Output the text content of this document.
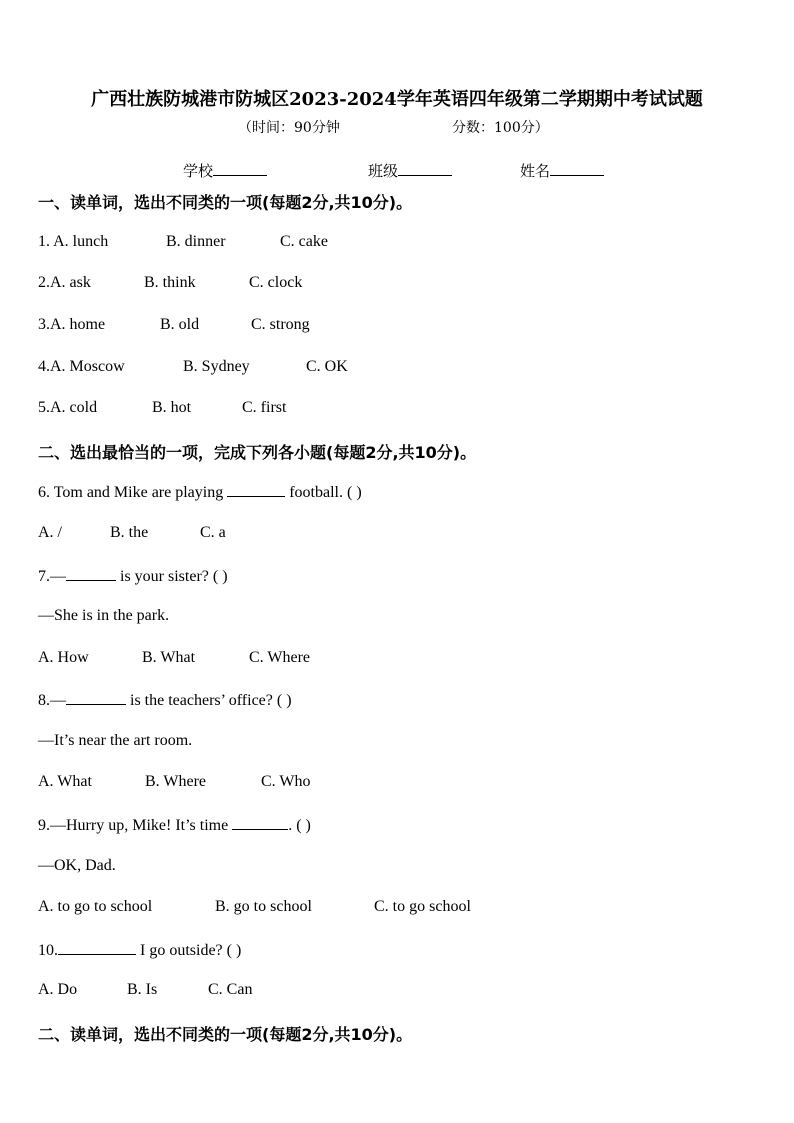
广西壮族防城港市防城区2023-2024学年英语四年级第二学期期中考试试题
（时间：90分钟	分数：100分）
学校	班级	姓名
一、读单词，选出不同类的一项(每题2分,共10分)。
1. A. lunch	B. dinner	C. cake
2.A. ask	B. think	C. clock
3.A. home	B. old	C. strong
4.A. Moscow	B. Sydney	C. OK
5.A. cold	B. hot	C. first
二、选出最恰当的一项，完成下列各小题(每题2分,共10分)。
6. Tom and Mike are playing	football. ( )
A. /	B. the	C. a
7.—	is your sister? ( )
—She is in the park.
A. How	B. What	C. Where
8.—	is the teachers’ office? ( )
—It’s near the art room.
A. What	B. Where	C. Who
9.—Hurry up, Mike! It’s time	. ( )
—OK, Dad.
A. to go to school	B. go to school	C. to go school
10.	I go outside? ( )
A. Do	B. Is	C. Can
二、读单词，选出不同类的一项(每题2分,共10分)。
